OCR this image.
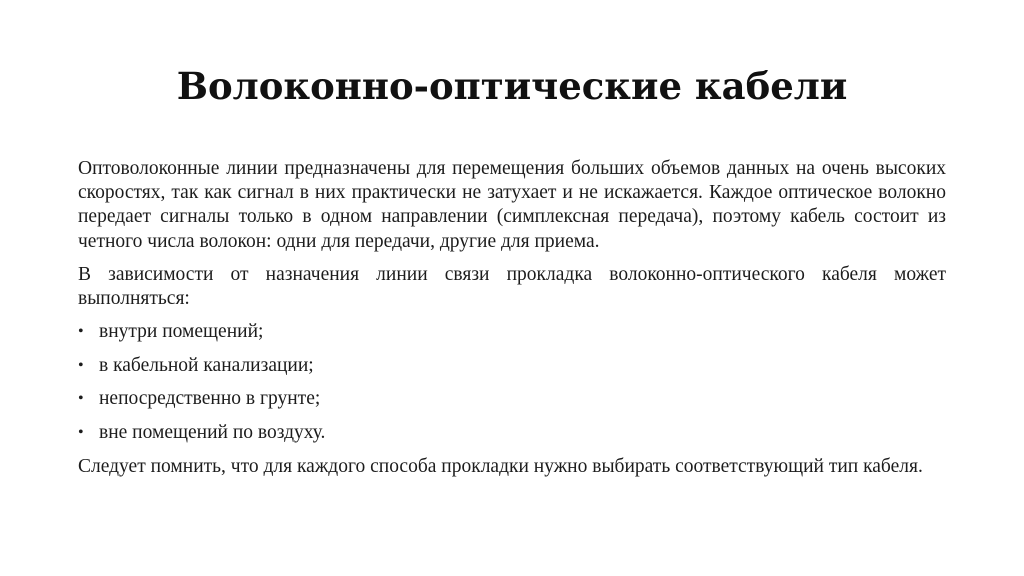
Волоконно-оптические кабели

Оптоволоконные линии предназначены для перемещения больших объемов данных на очень высоких скоростях, так как сигнал в них практически не затухает и не искажается. Каждое оптическое волокно передает сигналы только в одном направлении (симплексная передача), поэтому кабель состоит из четного числа волокон: одни для передачи, другие для приема.

В зависимости от назначения линии связи прокладка волоконно-оптического кабеля может выполняться:

• внутри помещений;
• в кабельной канализации;
• непосредственно в грунте;
• вне помещений по воздуху.

Следует помнить, что для каждого способа прокладки нужно выбирать соответствующий тип кабеля.
